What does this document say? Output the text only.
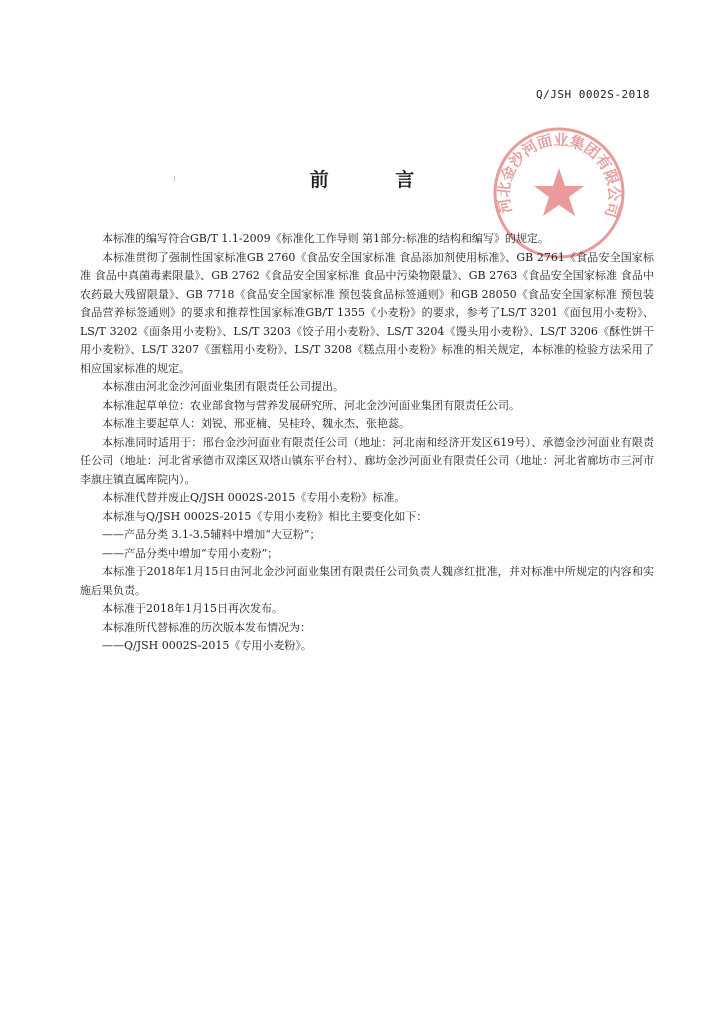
Q/JSH 0002S-2018
前 言
河北金沙河面业集团有限公司

本标准的编写符合GB/T 1.1-2009《标准化工作导则 第1部分:标准的结构和编写》的规定。

本标准贯彻了强制性国家标准GB 2760《食品安全国家标准 食品添加剂使用标准》、GB 2761《食品安全国家标准 食品中真菌毒素限量》、GB 2762《食品安全国家标准 食品中污染物限量》、GB 2763《食品安全国家标准 食品中农药最大残留限量》、GB 7718《食品安全国家标准 预包装食品标签通则》和GB 28050《食品安全国家标准 预包装食品营养标签通则》的要求和推荐性国家标准GB/T 1355《小麦粉》的要求，参考了LS/T 3201《面包用小麦粉》、LS/T 3202《面条用小麦粉》、LS/T 3203《饺子用小麦粉》、LS/T 3204《馒头用小麦粉》、LS/T 3206《酥性饼干用小麦粉》、LS/T 3207《蛋糕用小麦粉》、LS/T 3208《糕点用小麦粉》标准的相关规定，本标准的检验方法采用了相应国家标准的规定。

本标准由河北金沙河面业集团有限责任公司提出。

本标准起草单位：农业部食物与营养发展研究所、河北金沙河面业集团有限责任公司。

本标准主要起草人：刘锐、邢亚楠、吴桂玲、魏永杰、张艳蕊。

本标准同时适用于：邢台金沙河面业有限责任公司（地址：河北南和经济开发区619号）、承德金沙河面业有限责任公司（地址：河北省承德市双滦区双塔山镇东平台村）、廊坊金沙河面业有限责任公司（地址：河北省廊坊市三河市李旗庄镇直属库院内）。

本标准代替并废止Q/JSH 0002S-2015《专用小麦粉》标准。

本标准与Q/JSH 0002S-2015《专用小麦粉》相比主要变化如下：

——产品分类 3.1-3.5辅料中增加“大豆粉”；

——产品分类中增加“专用小麦粉”；

本标准于2018年1月15日由河北金沙河面业集团有限责任公司负责人魏彦红批准，并对标准中所规定的内容和实施后果负责。

本标准于2018年1月15日再次发布。

本标准所代替标准的历次版本发布情况为：

——Q/JSH 0002S-2015《专用小麦粉》。
